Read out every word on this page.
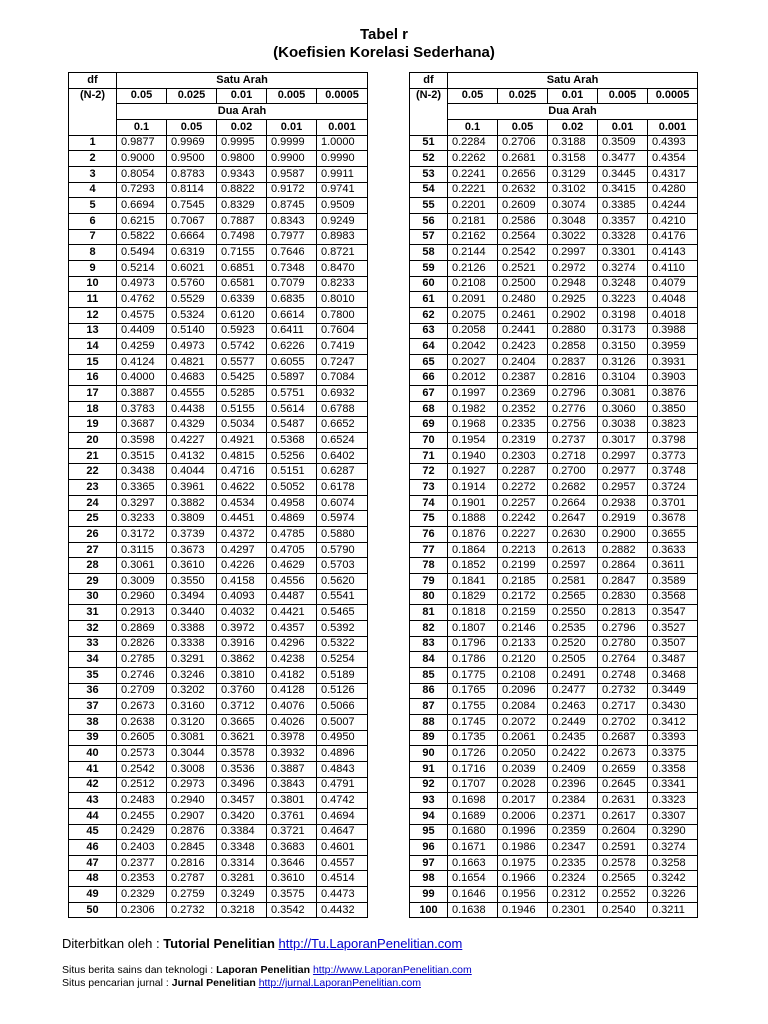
Tabel r
(Koefisien Korelasi Sederhana)
df	Satu Arah				
(N-2)	0.05	0.025	0.01	0.005	0.0005
	Dua Arah				
	0.1	0.05	0.02	0.01	0.001
1	0.9877	0.9969	0.9995	0.9999	1.0000
2	0.9000	0.9500	0.9800	0.9900	0.9990
3	0.8054	0.8783	0.9343	0.9587	0.9911
4	0.7293	0.8114	0.8822	0.9172	0.9741
5	0.6694	0.7545	0.8329	0.8745	0.9509
6	0.6215	0.7067	0.7887	0.8343	0.9249
7	0.5822	0.6664	0.7498	0.7977	0.8983
8	0.5494	0.6319	0.7155	0.7646	0.8721
9	0.5214	0.6021	0.6851	0.7348	0.8470
10	0.4973	0.5760	0.6581	0.7079	0.8233
11	0.4762	0.5529	0.6339	0.6835	0.8010
12	0.4575	0.5324	0.6120	0.6614	0.7800
13	0.4409	0.5140	0.5923	0.6411	0.7604
14	0.4259	0.4973	0.5742	0.6226	0.7419
15	0.4124	0.4821	0.5577	0.6055	0.7247
16	0.4000	0.4683	0.5425	0.5897	0.7084
17	0.3887	0.4555	0.5285	0.5751	0.6932
18	0.3783	0.4438	0.5155	0.5614	0.6788
19	0.3687	0.4329	0.5034	0.5487	0.6652
20	0.3598	0.4227	0.4921	0.5368	0.6524
21	0.3515	0.4132	0.4815	0.5256	0.6402
22	0.3438	0.4044	0.4716	0.5151	0.6287
23	0.3365	0.3961	0.4622	0.5052	0.6178
24	0.3297	0.3882	0.4534	0.4958	0.6074
25	0.3233	0.3809	0.4451	0.4869	0.5974
26	0.3172	0.3739	0.4372	0.4785	0.5880
27	0.3115	0.3673	0.4297	0.4705	0.5790
28	0.3061	0.3610	0.4226	0.4629	0.5703
29	0.3009	0.3550	0.4158	0.4556	0.5620
30	0.2960	0.3494	0.4093	0.4487	0.5541
31	0.2913	0.3440	0.4032	0.4421	0.5465
32	0.2869	0.3388	0.3972	0.4357	0.5392
33	0.2826	0.3338	0.3916	0.4296	0.5322
34	0.2785	0.3291	0.3862	0.4238	0.5254
35	0.2746	0.3246	0.3810	0.4182	0.5189
36	0.2709	0.3202	0.3760	0.4128	0.5126
37	0.2673	0.3160	0.3712	0.4076	0.5066
38	0.2638	0.3120	0.3665	0.4026	0.5007
39	0.2605	0.3081	0.3621	0.3978	0.4950
40	0.2573	0.3044	0.3578	0.3932	0.4896
41	0.2542	0.3008	0.3536	0.3887	0.4843
42	0.2512	0.2973	0.3496	0.3843	0.4791
43	0.2483	0.2940	0.3457	0.3801	0.4742
44	0.2455	0.2907	0.3420	0.3761	0.4694
45	0.2429	0.2876	0.3384	0.3721	0.4647
46	0.2403	0.2845	0.3348	0.3683	0.4601
47	0.2377	0.2816	0.3314	0.3646	0.4557
48	0.2353	0.2787	0.3281	0.3610	0.4514
49	0.2329	0.2759	0.3249	0.3575	0.4473
50	0.2306	0.2732	0.3218	0.3542	0.4432
df	Satu Arah				
(N-2)	0.05	0.025	0.01	0.005	0.0005
	Dua Arah				
	0.1	0.05	0.02	0.01	0.001
51	0.2284	0.2706	0.3188	0.3509	0.4393
52	0.2262	0.2681	0.3158	0.3477	0.4354
53	0.2241	0.2656	0.3129	0.3445	0.4317
54	0.2221	0.2632	0.3102	0.3415	0.4280
55	0.2201	0.2609	0.3074	0.3385	0.4244
56	0.2181	0.2586	0.3048	0.3357	0.4210
57	0.2162	0.2564	0.3022	0.3328	0.4176
58	0.2144	0.2542	0.2997	0.3301	0.4143
59	0.2126	0.2521	0.2972	0.3274	0.4110
60	0.2108	0.2500	0.2948	0.3248	0.4079
61	0.2091	0.2480	0.2925	0.3223	0.4048
62	0.2075	0.2461	0.2902	0.3198	0.4018
63	0.2058	0.2441	0.2880	0.3173	0.3988
64	0.2042	0.2423	0.2858	0.3150	0.3959
65	0.2027	0.2404	0.2837	0.3126	0.3931
66	0.2012	0.2387	0.2816	0.3104	0.3903
67	0.1997	0.2369	0.2796	0.3081	0.3876
68	0.1982	0.2352	0.2776	0.3060	0.3850
69	0.1968	0.2335	0.2756	0.3038	0.3823
70	0.1954	0.2319	0.2737	0.3017	0.3798
71	0.1940	0.2303	0.2718	0.2997	0.3773
72	0.1927	0.2287	0.2700	0.2977	0.3748
73	0.1914	0.2272	0.2682	0.2957	0.3724
74	0.1901	0.2257	0.2664	0.2938	0.3701
75	0.1888	0.2242	0.2647	0.2919	0.3678
76	0.1876	0.2227	0.2630	0.2900	0.3655
77	0.1864	0.2213	0.2613	0.2882	0.3633
78	0.1852	0.2199	0.2597	0.2864	0.3611
79	0.1841	0.2185	0.2581	0.2847	0.3589
80	0.1829	0.2172	0.2565	0.2830	0.3568
81	0.1818	0.2159	0.2550	0.2813	0.3547
82	0.1807	0.2146	0.2535	0.2796	0.3527
83	0.1796	0.2133	0.2520	0.2780	0.3507
84	0.1786	0.2120	0.2505	0.2764	0.3487
85	0.1775	0.2108	0.2491	0.2748	0.3468
86	0.1765	0.2096	0.2477	0.2732	0.3449
87	0.1755	0.2084	0.2463	0.2717	0.3430
88	0.1745	0.2072	0.2449	0.2702	0.3412
89	0.1735	0.2061	0.2435	0.2687	0.3393
90	0.1726	0.2050	0.2422	0.2673	0.3375
91	0.1716	0.2039	0.2409	0.2659	0.3358
92	0.1707	0.2028	0.2396	0.2645	0.3341
93	0.1698	0.2017	0.2384	0.2631	0.3323
94	0.1689	0.2006	0.2371	0.2617	0.3307
95	0.1680	0.1996	0.2359	0.2604	0.3290
96	0.1671	0.1986	0.2347	0.2591	0.3274
97	0.1663	0.1975	0.2335	0.2578	0.3258
98	0.1654	0.1966	0.2324	0.2565	0.3242
99	0.1646	0.1956	0.2312	0.2552	0.3226
100	0.1638	0.1946	0.2301	0.2540	0.3211
Diterbitkan oleh : Tutorial Penelitian http://Tu.LaporanPenelitian.com
Situs berita sains dan teknologi : Laporan Penelitian http://www.LaporanPenelitian.com
Situs pencarian jurnal : Jurnal Penelitian http://jurnal.LaporanPenelitian.com
